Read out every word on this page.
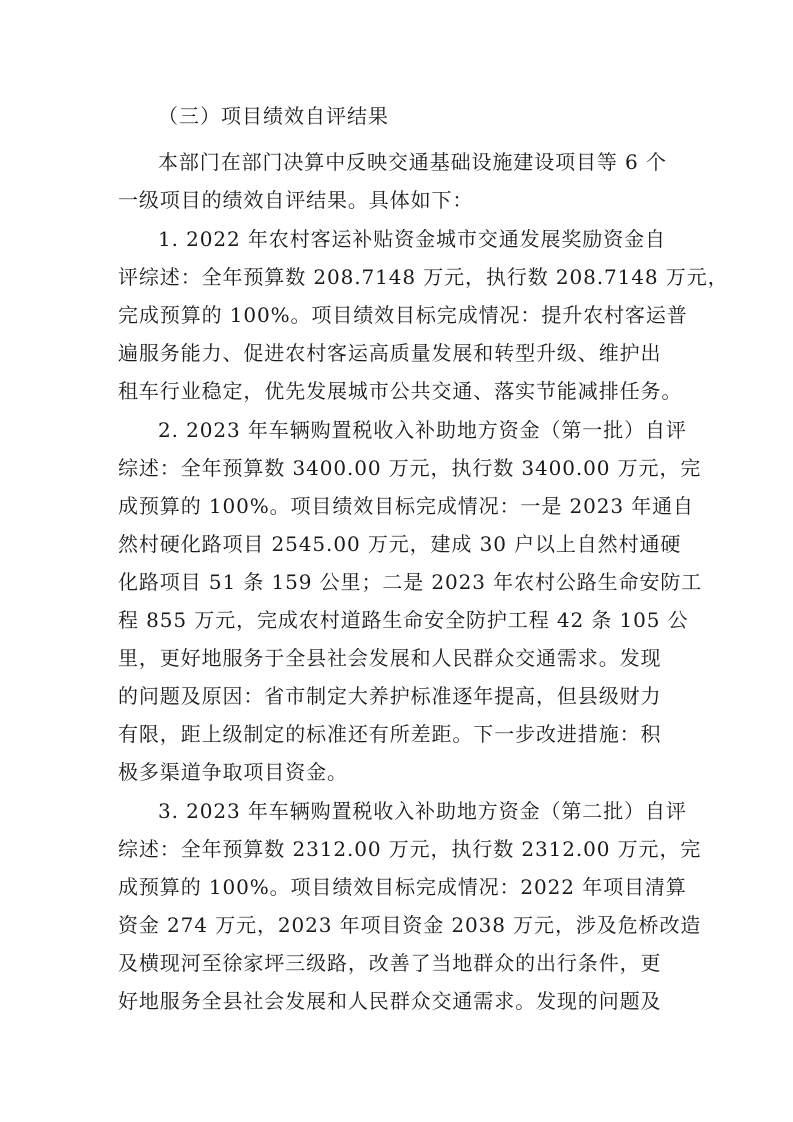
（三）项目绩效自评结果
本部门在部门决算中反映交通基础设施建设项目等 6 个
一级项目的绩效自评结果。具体如下：
1. 2022 年农村客运补贴资金城市交通发展奖励资金自
评综述：全年预算数 208.7148 万元，执行数 208.7148 万元，
完成预算的 100%。项目绩效目标完成情况：提升农村客运普
遍服务能力、促进农村客运高质量发展和转型升级、维护出
租车行业稳定，优先发展城市公共交通、落实节能减排任务。
2. 2023 年车辆购置税收入补助地方资金（第一批）自评
综述：全年预算数 3400.00 万元，执行数 3400.00 万元，完
成预算的 100%。项目绩效目标完成情况：一是 2023 年通自
然村硬化路项目 2545.00 万元，建成 30 户以上自然村通硬
化路项目 51 条 159 公里；二是 2023 年农村公路生命安防工
程 855 万元，完成农村道路生命安全防护工程 42 条 105 公
里，更好地服务于全县社会发展和人民群众交通需求。发现
的问题及原因：省市制定大养护标准逐年提高，但县级财力
有限，距上级制定的标准还有所差距。下一步改进措施：积
极多渠道争取项目资金。
3. 2023 年车辆购置税收入补助地方资金（第二批）自评
综述：全年预算数 2312.00 万元，执行数 2312.00 万元，完
成预算的 100%。项目绩效目标完成情况：2022 年项目清算
资金 274 万元，2023 年项目资金 2038 万元，涉及危桥改造
及横现河至徐家坪三级路，改善了当地群众的出行条件，更
好地服务全县社会发展和人民群众交通需求。发现的问题及
